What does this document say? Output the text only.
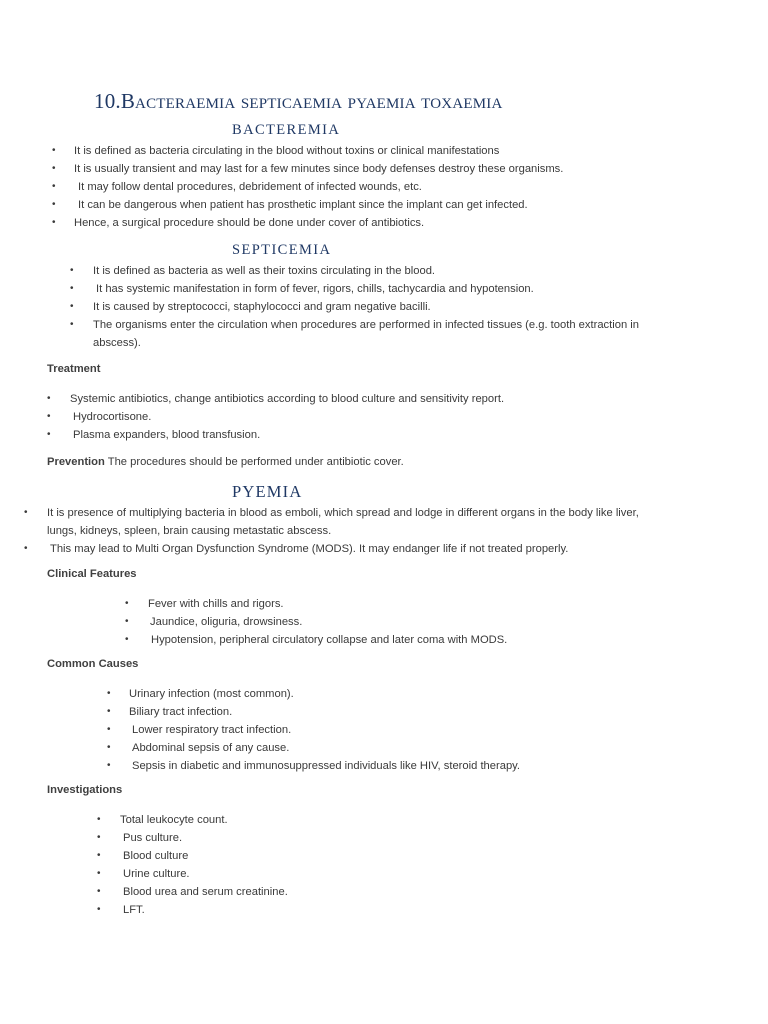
10.Bacteraemia septicaemia pyaemia toxaemia
BACTEREMIA
• It is defined as bacteria circulating in the blood without toxins or clinical manifestations
• It is usually transient and may last for a few minutes since body defenses destroy these organisms.
• It may follow dental procedures, debridement of infected wounds, etc.
• It can be dangerous when patient has prosthetic implant since the implant can get infected.
• Hence, a surgical procedure should be done under cover of antibiotics.
SEPTICEMIA
• It is defined as bacteria as well as their toxins circulating in the blood.
• It has systemic manifestation in form of fever, rigors, chills, tachycardia and hypotension.
• It is caused by streptococci, staphylococci and gram negative bacilli.
• The organisms enter the circulation when procedures are performed in infected tissues (e.g. tooth extraction in abscess).
Treatment
• Systemic antibiotics, change antibiotics according to blood culture and sensitivity report.
• Hydrocortisone.
• Plasma expanders, blood transfusion.
Prevention The procedures should be performed under antibiotic cover.
PYEMIA
• It is presence of multiplying bacteria in blood as emboli, which spread and lodge in different organs in the body like liver, lungs, kidneys, spleen, brain causing metastatic abscess.
• This may lead to Multi Organ Dysfunction Syndrome (MODS). It may endanger life if not treated properly.
Clinical Features
• Fever with chills and rigors.
• Jaundice, oliguria, drowsiness.
• Hypotension, peripheral circulatory collapse and later coma with MODS.
Common Causes
• Urinary infection (most common).
• Biliary tract infection.
• Lower respiratory tract infection.
• Abdominal sepsis of any cause.
• Sepsis in diabetic and immunosuppressed individuals like HIV, steroid therapy.
Investigations
• Total leukocyte count.
• Pus culture.
• Blood culture
• Urine culture.
• Blood urea and serum creatinine.
• LFT.
